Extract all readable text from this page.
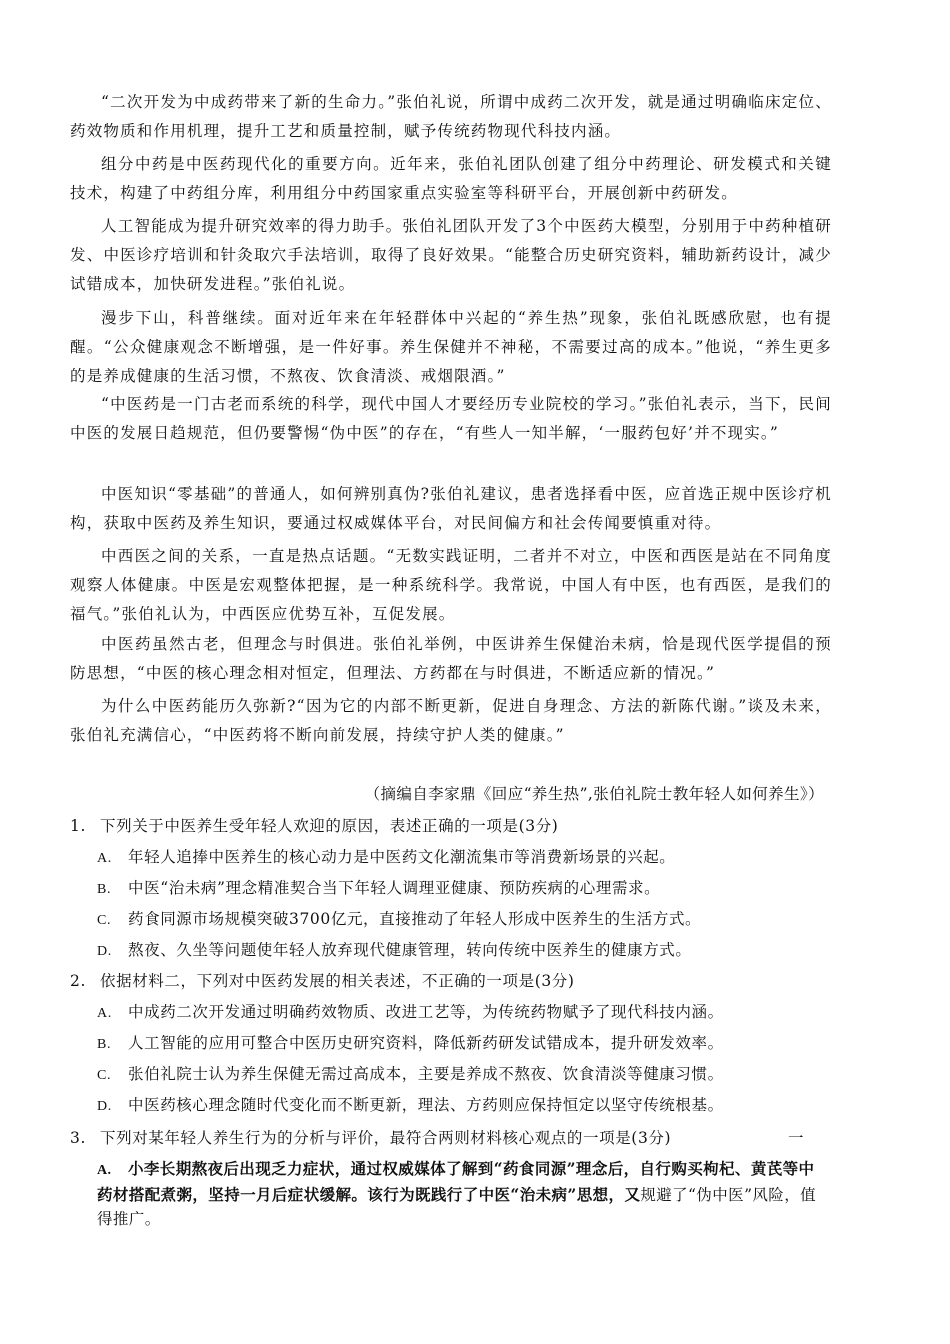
“二次开发为中成药带来了新的生命力。”张伯礼说，所谓中成药二次开发，就是通过明确临床定位、药效物质和作用机理，提升工艺和质量控制，赋予传统药物现代科技内涵。

组分中药是中医药现代化的重要方向。近年来，张伯礼团队创建了组分中药理论、研发模式和关键技术，构建了中药组分库，利用组分中药国家重点实验室等科研平台，开展创新中药研发。

人工智能成为提升研究效率的得力助手。张伯礼团队开发了3个中医药大模型，分别用于中药种植研发、中医诊疗培训和针灸取穴手法培训，取得了良好效果。“能整合历史研究资料，辅助新药设计，减少试错成本，加快研发进程。”张伯礼说。

漫步下山，科普继续。面对近年来在年轻群体中兴起的“养生热”现象，张伯礼既感欣慰，也有提醒。“公众健康观念不断增强，是一件好事。养生保健并不神秘，不需要过高的成本。”他说，“养生更多的是养成健康的生活习惯，不熬夜、饮食清淡、戒烟限酒。”

“中医药是一门古老而系统的科学，现代中国人才要经历专业院校的学习。”张伯礼表示，当下，民间中医的发展日趋规范，但仍要警惕“伪中医”的存在，“有些人一知半解，‘一服药包好’并不现实。”

中医知识“零基础”的普通人，如何辨别真伪?张伯礼建议，患者选择看中医，应首选正规中医诊疗机构，获取中医药及养生知识，要通过权威媒体平台，对民间偏方和社会传闻要慎重对待。

中西医之间的关系，一直是热点话题。“无数实践证明，二者并不对立，中医和西医是站在不同角度观察人体健康。中医是宏观整体把握，是一种系统科学。我常说，中国人有中医，也有西医，是我们的福气。”张伯礼认为，中西医应优势互补，互促发展。

中医药虽然古老，但理念与时俱进。张伯礼举例，中医讲养生保健治未病，恰是现代医学提倡的预防思想，“中医的核心理念相对恒定，但理法、方药都在与时俱进，不断适应新的情况。”

为什么中医药能历久弥新?“因为它的内部不断更新，促进自身理念、方法的新陈代谢。”谈及未来，张伯礼充满信心，“中医药将不断向前发展，持续守护人类的健康。”

（摘编自李家鼎《回应“养生热”,张伯礼院士教年轻人如何养生》）
1. 下列关于中医养生受年轻人欢迎的原因，表述正确的一项是(3分)
A. 年轻人追捧中医养生的核心动力是中医药文化潮流集市等消费新场景的兴起。
B. 中医“治未病”理念精准契合当下年轻人调理亚健康、预防疾病的心理需求。
C. 药食同源市场规模突破3700亿元，直接推动了年轻人形成中医养生的生活方式。
D. 熬夜、久坐等问题使年轻人放弃现代健康管理，转向传统中医养生的健康方式。
2. 依据材料二，下列对中医药发展的相关表述，不正确的一项是(3分)
A. 中成药二次开发通过明确药效物质、改进工艺等，为传统药物赋予了现代科技内涵。
B. 人工智能的应用可整合中医历史研究资料，降低新药研发试错成本，提升研发效率。
C. 张伯礼院士认为养生保健无需过高成本，主要是养成不熬夜、饮食清淡等健康习惯。
D. 中医药核心理念随时代变化而不断更新，理法、方药则应保持恒定以坚守传统根基。
3. 下列对某年轻人养生行为的分析与评价，最符合两则材料核心观点的一项是(3分)	一
A. 小李长期熬夜后出现乏力症状，通过权威媒体了解到“药食同源”理念后，自行购买枸杞、黄芪等中药材搭配煮粥，坚持一月后症状缓解。该行为既践行了中医“治未病”思想，又规避了“伪中医”风险，值得推广。
